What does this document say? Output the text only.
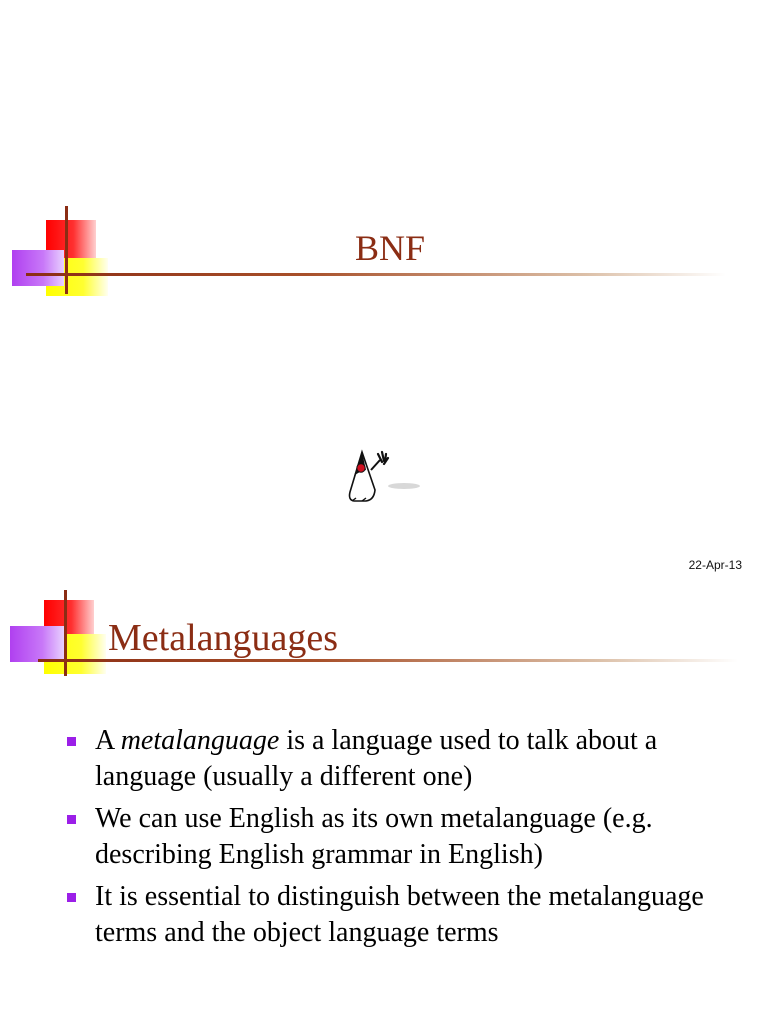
BNF
22-Apr-13
Metalanguages
A metalanguage is a language used to talk about a language (usually a different one)
We can use English as its own metalanguage (e.g. describing English grammar in English)
It is essential to distinguish between the metalanguage terms and the object language terms
